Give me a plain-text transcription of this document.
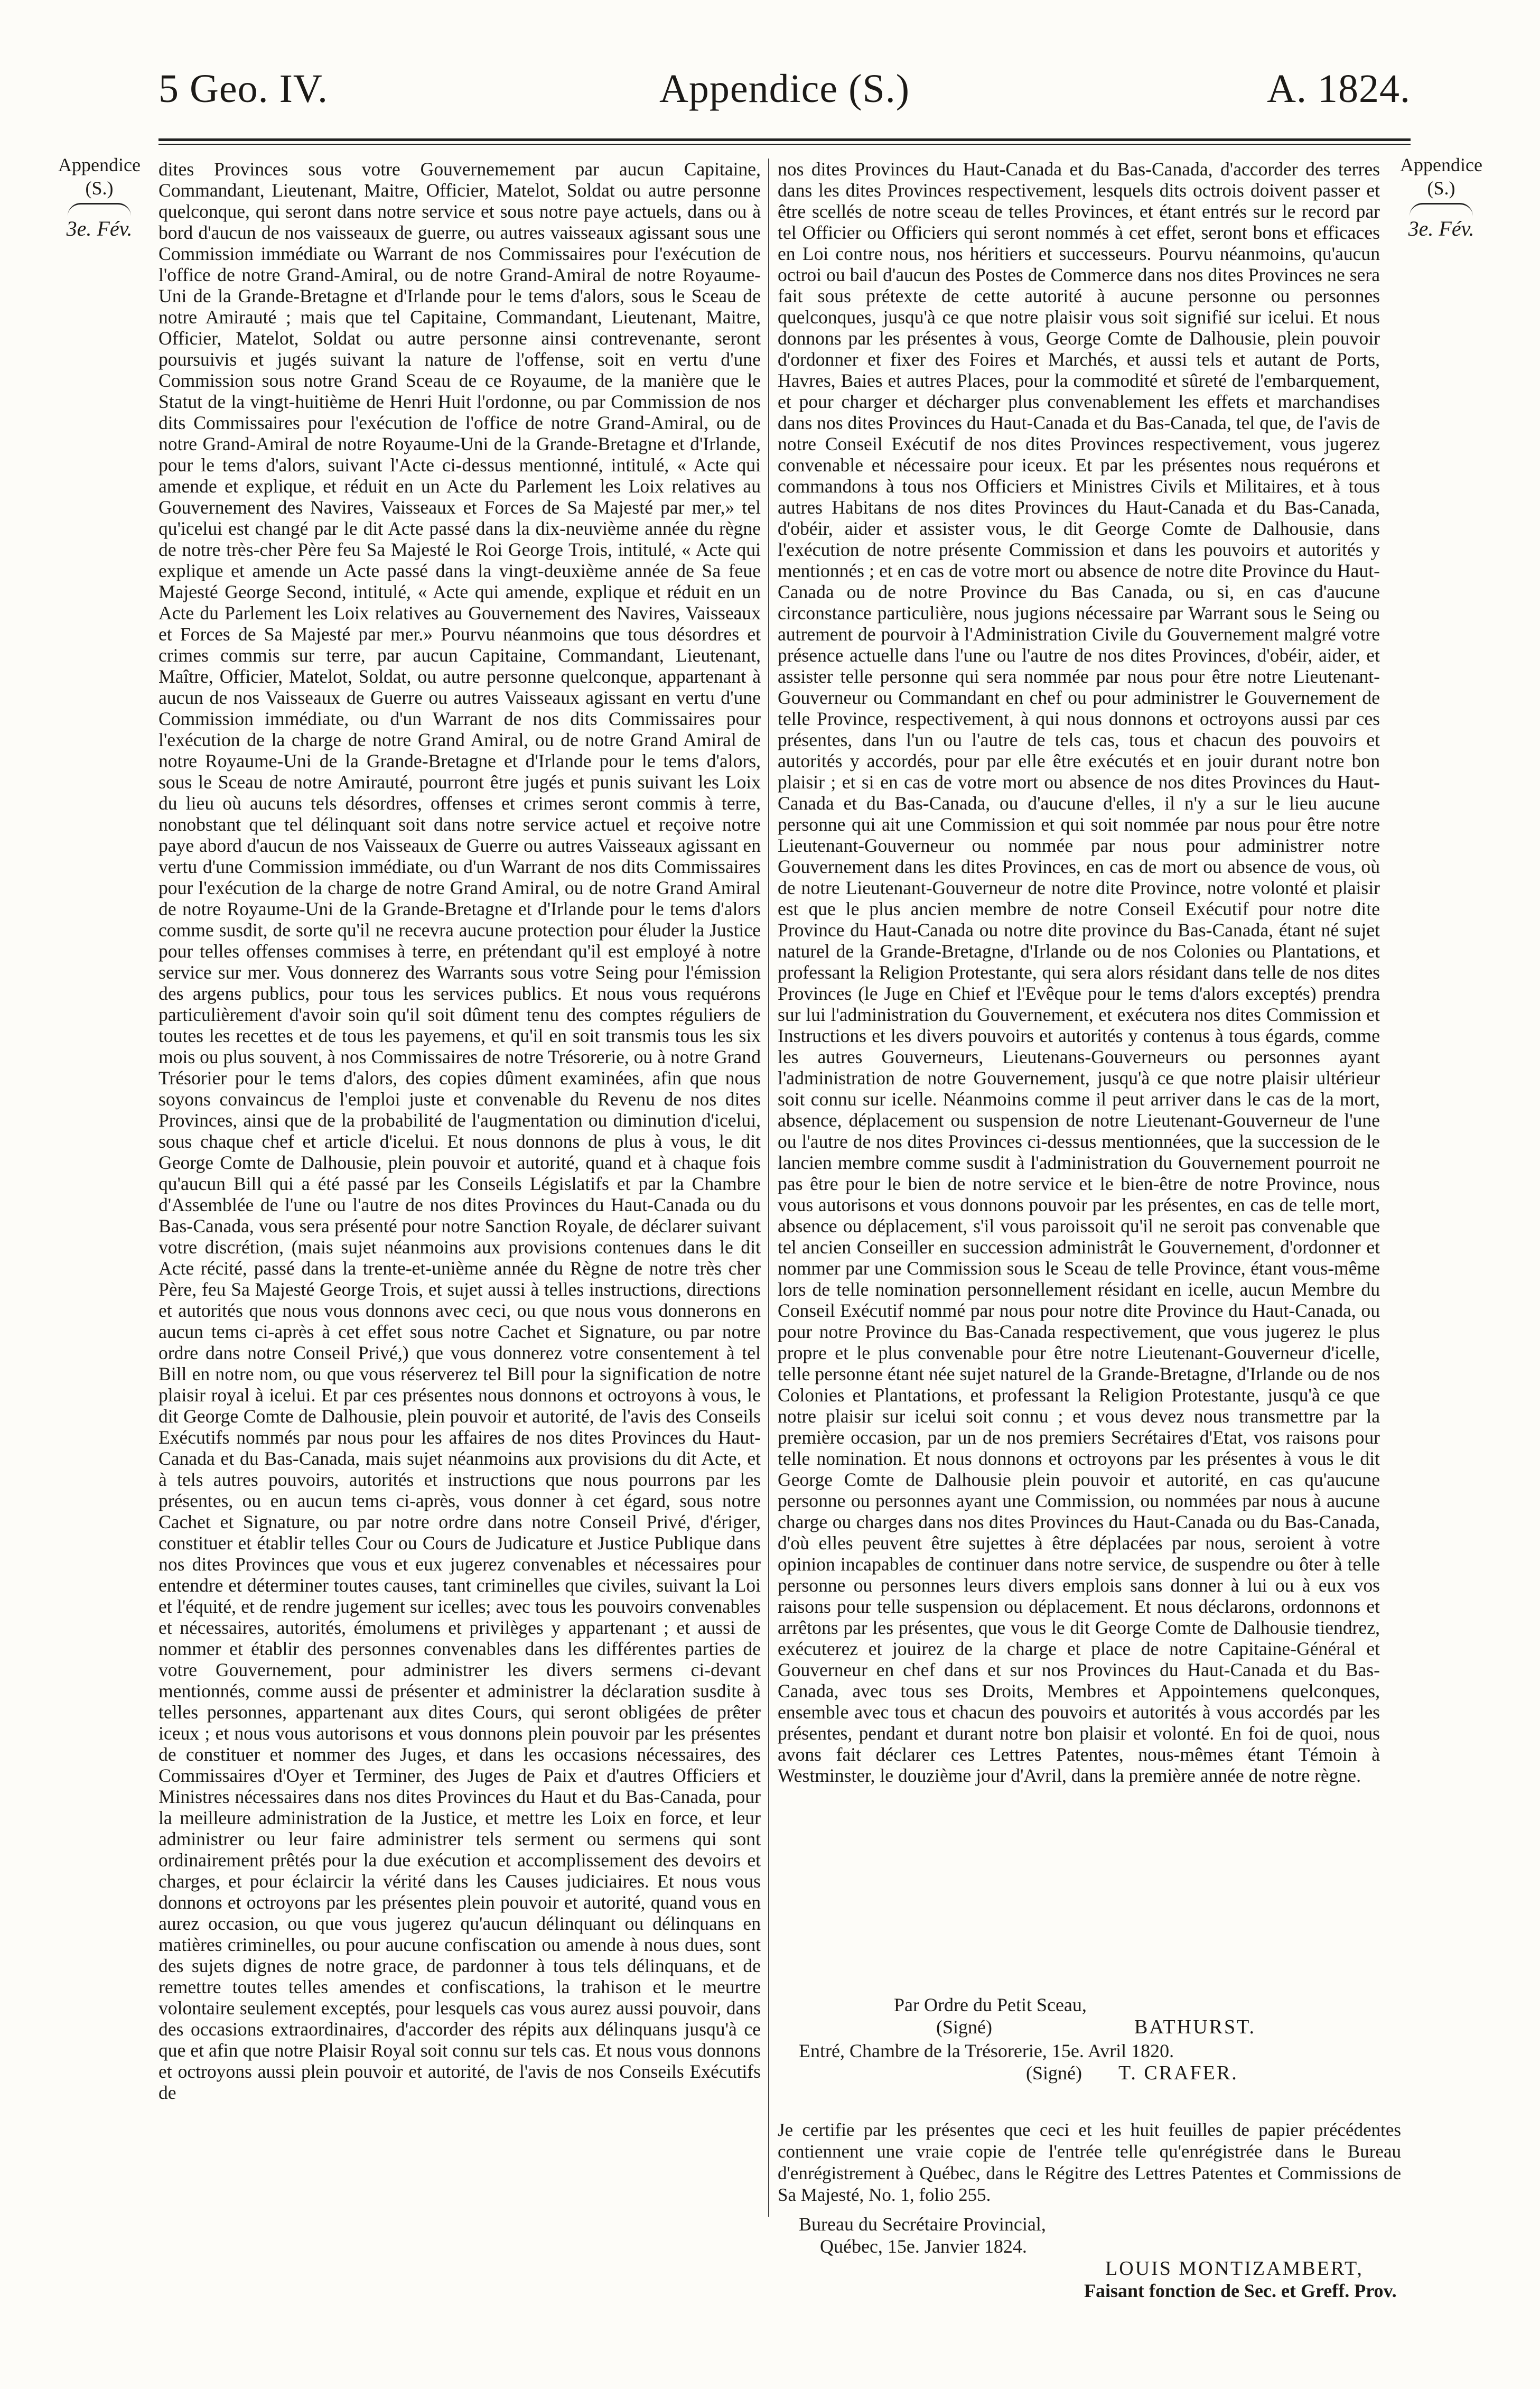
5 Geo. IV.	Appendice (S.)	A. 1824.
Appendice
(S.)
3e. Fév.
Appendice
(S.)
3e. Fév.

dites Provinces sous votre Gouvernemement par aucun Capitaine, Commandant, Lieutenant, Maitre, Officier, Matelot, Soldat ou autre personne quelconque, qui seront dans notre service et sous notre paye actuels, dans ou à bord d'aucun de nos vaisseaux de guerre, ou autres vaisseaux agissant sous une Commission immédiate ou Warrant de nos Commissaires pour l'exécution de l'office de notre Grand-Amiral, ou de notre Grand-Amiral de notre Royaume-Uni de la Grande-Bretagne et d'Irlande pour le tems d'alors, sous le Sceau de notre Amirauté ; mais que tel Capitaine, Commandant, Lieutenant, Maitre, Officier, Matelot, Soldat ou autre personne ainsi contrevenante, seront poursuivis et jugés suivant la nature de l'offense, soit en vertu d'une Commission sous notre Grand Sceau de ce Royaume, de la manière que le Statut de la vingt-huitième de Henri Huit l'ordonne, ou par Commission de nos dits Commissaires pour l'exécution de l'office de notre Grand-Amiral, ou de notre Grand-Amiral de notre Royaume-Uni de la Grande-Bretagne et d'Irlande, pour le tems d'alors, suivant l'Acte ci-dessus mentionné, intitulé, « Acte qui amende et explique, et réduit en un Acte du Parlement les Loix relatives au Gouvernement des Navires, Vaisseaux et Forces de Sa Majesté par mer,» tel qu'icelui est changé par le dit Acte passé dans la dix-neuvième année du règne de notre très-cher Père feu Sa Majesté le Roi George Trois, intitulé, « Acte qui explique et amende un Acte passé dans la vingt-deuxième année de Sa feue Majesté George Second, intitulé, « Acte qui amende, explique et réduit en un Acte du Parlement les Loix relatives au Gouvernement des Navires, Vaisseaux et Forces de Sa Majesté par mer.» Pourvu néanmoins que tous désordres et crimes commis sur terre, par aucun Capitaine, Commandant, Lieutenant, Maître, Officier, Matelot, Soldat, ou autre personne quelconque, appartenant à aucun de nos Vaisseaux de Guerre ou autres Vaisseaux agissant en vertu d'une Commission immédiate, ou d'un Warrant de nos dits Commissaires pour l'exécution de la charge de notre Grand Amiral, ou de notre Grand Amiral de notre Royaume-Uni de la Grande-Bretagne et d'Irlande pour le tems d'alors, sous le Sceau de notre Amirauté, pourront être jugés et punis suivant les Loix du lieu où aucuns tels désordres, offenses et crimes seront commis à terre, nonobstant que tel délinquant soit dans notre service actuel et reçoive notre paye abord d'aucun de nos Vaisseaux de Guerre ou autres Vaisseaux agissant en vertu d'une Commission immédiate, ou d'un Warrant de nos dits Commissaires pour l'exécution de la charge de notre Grand Amiral, ou de notre Grand Amiral de notre Royaume-Uni de la Grande-Bretagne et d'Irlande pour le tems d'alors comme susdit, de sorte qu'il ne recevra aucune protection pour éluder la Justice pour telles offenses commises à terre, en prétendant qu'il est employé à notre service sur mer. Vous donnerez des Warrants sous votre Seing pour l'émission des argens publics, pour tous les services publics. Et nous vous requérons particulièrement d'avoir soin qu'il soit dûment tenu des comptes réguliers de toutes les recettes et de tous les payemens, et qu'il en soit transmis tous les six mois ou plus souvent, à nos Commissaires de notre Trésorerie, ou à notre Grand Trésorier pour le tems d'alors, des copies dûment examinées, afin que nous soyons convaincus de l'emploi juste et convenable du Revenu de nos dites Provinces, ainsi que de la probabilité de l'augmentation ou diminution d'icelui, sous chaque chef et article d'icelui. Et nous donnons de plus à vous, le dit George Comte de Dalhousie, plein pouvoir et autorité, quand et à chaque fois qu'aucun Bill qui a été passé par les Conseils Législatifs et par la Chambre d'Assemblée de l'une ou l'autre de nos dites Provinces du Haut-Canada ou du Bas-Canada, vous sera présenté pour notre Sanction Royale, de déclarer suivant votre discrétion, (mais sujet néanmoins aux provisions contenues dans le dit Acte récité, passé dans la trente-et-unième année du Règne de notre très cher Père, feu Sa Majesté George Trois, et sujet aussi à telles instructions, directions et autorités que nous vous donnons avec ceci, ou que nous vous donnerons en aucun tems ci-après à cet effet sous notre Cachet et Signature, ou par notre ordre dans notre Conseil Privé,) que vous donnerez votre consentement à tel Bill en notre nom, ou que vous réserverez tel Bill pour la signification de notre plaisir royal à icelui. Et par ces présentes nous donnons et octroyons à vous, le dit George Comte de Dalhousie, plein pouvoir et autorité, de l'avis des Conseils Exécutifs nommés par nous pour les affaires de nos dites Provinces du Haut-Canada et du Bas-Canada, mais sujet néanmoins aux provisions du dit Acte, et à tels autres pouvoirs, autorités et instructions que nous pourrons par les présentes, ou en aucun tems ci-après, vous donner à cet égard, sous notre Cachet et Signature, ou par notre ordre dans notre Conseil Privé, d'ériger, constituer et établir telles Cour ou Cours de Judicature et Justice Publique dans nos dites Provinces que vous et eux jugerez convenables et nécessaires pour entendre et déterminer toutes causes, tant criminelles que civiles, suivant la Loi et l'équité, et de rendre jugement sur icelles; avec tous les pouvoirs convenables et nécessaires, autorités, émolumens et privilèges y appartenant ; et aussi de nommer et établir des personnes convenables dans les différentes parties de votre Gouvernement, pour administrer les divers sermens ci-devant mentionnés, comme aussi de présenter et administrer la déclaration susdite à telles personnes, appartenant aux dites Cours, qui seront obligées de prêter iceux ; et nous vous autorisons et vous donnons plein pouvoir par les présentes de constituer et nommer des Juges, et dans les occasions nécessaires, des Commissaires d'Oyer et Terminer, des Juges de Paix et d'autres Officiers et Ministres nécessaires dans nos dites Provinces du Haut et du Bas-Canada, pour la meilleure administration de la Justice, et mettre les Loix en force, et leur administrer ou leur faire administrer tels serment ou sermens qui sont ordinairement prêtés pour la due exécution et accomplissement des devoirs et charges, et pour éclaircir la vérité dans les Causes judiciaires. Et nous vous donnons et octroyons par les présentes plein pouvoir et autorité, quand vous en aurez occasion, ou que vous jugerez qu'aucun délinquant ou délinquans en matières criminelles, ou pour aucune confiscation ou amende à nous dues, sont des sujets dignes de notre grace, de pardonner à tous tels délinquans, et de remettre toutes telles amendes et confiscations, la trahison et le meurtre volontaire seulement exceptés, pour lesquels cas vous aurez aussi pouvoir, dans des occasions extraordinaires, d'accorder des répits aux délinquans jusqu'à ce que et afin que notre Plaisir Royal soit connu sur tels cas. Et nous vous donnons et octroyons aussi plein pouvoir et autorité, de l'avis de nos Conseils Exécutifs de

nos dites Provinces du Haut-Canada et du Bas-Canada, d'accorder des terres dans les dites Provinces respectivement, lesquels dits octrois doivent passer et être scellés de notre sceau de telles Provinces, et étant entrés sur le record par tel Officier ou Officiers qui seront nommés à cet effet, seront bons et efficaces en Loi contre nous, nos héritiers et successeurs. Pourvu néanmoins, qu'aucun octroi ou bail d'aucun des Postes de Commerce dans nos dites Provinces ne sera fait sous prétexte de cette autorité à aucune personne ou personnes quelconques, jusqu'à ce que notre plaisir vous soit signifié sur icelui. Et nous donnons par les présentes à vous, George Comte de Dalhousie, plein pouvoir d'ordonner et fixer des Foires et Marchés, et aussi tels et autant de Ports, Havres, Baies et autres Places, pour la commodité et sûreté de l'embarquement, et pour charger et décharger plus convenablement les effets et marchandises dans nos dites Provinces du Haut-Canada et du Bas-Canada, tel que, de l'avis de notre Conseil Exécutif de nos dites Provinces respectivement, vous jugerez convenable et nécessaire pour iceux. Et par les présentes nous requérons et commandons à tous nos Officiers et Ministres Civils et Militaires, et à tous autres Habitans de nos dites Provinces du Haut-Canada et du Bas-Canada, d'obéir, aider et assister vous, le dit George Comte de Dalhousie, dans l'exécution de notre présente Commission et dans les pouvoirs et autorités y mentionnés ; et en cas de votre mort ou absence de notre dite Province du Haut-Canada ou de notre Province du Bas Canada, ou si, en cas d'aucune circonstance particulière, nous jugions nécessaire par Warrant sous le Seing ou autrement de pourvoir à l'Administration Civile du Gouvernement malgré votre présence actuelle dans l'une ou l'autre de nos dites Provinces, d'obéir, aider, et assister telle personne qui sera nommée par nous pour être notre Lieutenant-Gouverneur ou Commandant en chef ou pour administrer le Gouvernement de telle Province, respectivement, à qui nous donnons et octroyons aussi par ces présentes, dans l'un ou l'autre de tels cas, tous et chacun des pouvoirs et autorités y accordés, pour par elle être exécutés et en jouir durant notre bon plaisir ; et si en cas de votre mort ou absence de nos dites Provinces du Haut-Canada et du Bas-Canada, ou d'aucune d'elles, il n'y a sur le lieu aucune personne qui ait une Commission et qui soit nommée par nous pour être notre Lieutenant-Gouverneur ou nommée par nous pour administrer notre Gouvernement dans les dites Provinces, en cas de mort ou absence de vous, où de notre Lieutenant-Gouverneur de notre dite Province, notre volonté et plaisir est que le plus ancien membre de notre Conseil Exécutif pour notre dite Province du Haut-Canada ou notre dite province du Bas-Canada, étant né sujet naturel de la Grande-Bretagne, d'Irlande ou de nos Colonies ou Plantations, et professant la Religion Protestante, qui sera alors résidant dans telle de nos dites Provinces (le Juge en Chief et l'Evêque pour le tems d'alors exceptés) prendra sur lui l'administration du Gouvernement, et exécutera nos dites Commission et Instructions et les divers pouvoirs et autorités y contenus à tous égards, comme les autres Gouverneurs, Lieutenans-Gouverneurs ou personnes ayant l'administration de notre Gouvernement, jusqu'à ce que notre plaisir ultérieur soit connu sur icelle. Néanmoins comme il peut arriver dans le cas de la mort, absence, déplacement ou suspension de notre Lieutenant-Gouverneur de l'une ou l'autre de nos dites Provinces ci-dessus mentionnées, que la succession de le lancien membre comme susdit à l'administration du Gouvernement pourroit ne pas être pour le bien de notre service et le bien-être de notre Province, nous vous autorisons et vous donnons pouvoir par les présentes, en cas de telle mort, absence ou déplacement, s'il vous paroissoit qu'il ne seroit pas convenable que tel ancien Conseiller en succession administrât le Gouvernement, d'ordonner et nommer par une Commission sous le Sceau de telle Province, étant vous-même lors de telle nomination personnellement résidant en icelle, aucun Membre du Conseil Exécutif nommé par nous pour notre dite Province du Haut-Canada, ou pour notre Province du Bas-Canada respectivement, que vous jugerez le plus propre et le plus convenable pour être notre Lieutenant-Gouverneur d'icelle, telle personne étant née sujet naturel de la Grande-Bretagne, d'Irlande ou de nos Colonies et Plantations, et professant la Religion Protestante, jusqu'à ce que notre plaisir sur icelui soit connu ; et vous devez nous transmettre par la première occasion, par un de nos premiers Secrétaires d'Etat, vos raisons pour telle nomination. Et nous donnons et octroyons par les présentes à vous le dit George Comte de Dalhousie plein pouvoir et autorité, en cas qu'aucune personne ou personnes ayant une Commission, ou nommées par nous à aucune charge ou charges dans nos dites Provinces du Haut-Canada ou du Bas-Canada, d'où elles peuvent être sujettes à être déplacées par nous, seroient à votre opinion incapables de continuer dans notre service, de suspendre ou ôter à telle personne ou personnes leurs divers emplois sans donner à lui ou à eux vos raisons pour telle suspension ou déplacement. Et nous déclarons, ordonnons et arrêtons par les présentes, que vous le dit George Comte de Dalhousie tiendrez, exécuterez et jouirez de la charge et place de notre Capitaine-Général et Gouverneur en chef dans et sur nos Provinces du Haut-Canada et du Bas-Canada, avec tous ses Droits, Membres et Appointemens quelconques, ensemble avec tous et chacun des pouvoirs et autorités à vous accordés par les présentes, pendant et durant notre bon plaisir et volonté. En foi de quoi, nous avons fait déclarer ces Lettres Patentes, nous-mêmes étant Témoin à Westminster, le douzième jour d'Avril, dans la première année de notre règne.

Par Ordre du Petit Sceau,
(Signé)	BATHURST.
Entré, Chambre de la Trésorerie, 15e. Avril 1820.
(Signé) T. CRAFER.
Je certifie par les présentes que ceci et les huit feuilles de papier précédentes contiennent une vraie copie de l'entrée telle qu'enrégistrée dans le Bureau d'enrégistrement à Québec, dans le Régitre des Lettres Patentes et Commissions de Sa Majesté, No. 1, folio 255.
Bureau du Secrétaire Provincial,
Québec, 15e. Janvier 1824.
LOUIS MONTIZAMBERT,
Faisant fonction de Sec. et Greff. Prov.
